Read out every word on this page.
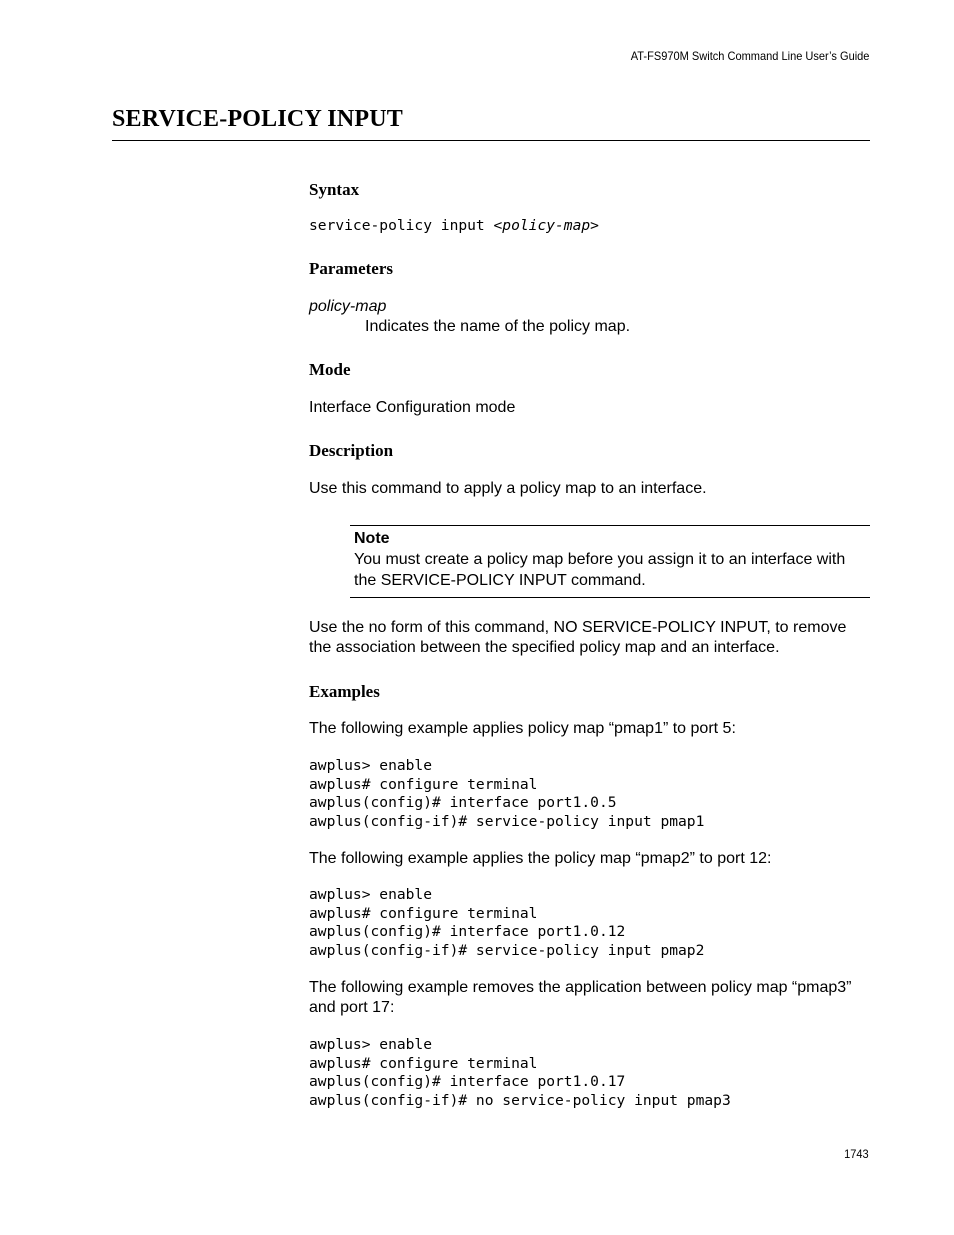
AT-FS970M Switch Command Line User’s Guide
SERVICE-POLICY INPUT
Syntax
service-policy input <policy-map>
Parameters
policy-map
Indicates the name of the policy map.
Mode
Interface Configuration mode
Description
Use this command to apply a policy map to an interface.
Note
You must create a policy map before you assign it to an interface with the SERVICE-POLICY INPUT command.
Use the no form of this command, NO SERVICE-POLICY INPUT, to remove the association between the specified policy map and an interface.
Examples
The following example applies policy map “pmap1” to port 5:
awplus> enable
awplus# configure terminal
awplus(config)# interface port1.0.5
awplus(config-if)# service-policy input pmap1
The following example applies the policy map “pmap2” to port 12:
awplus> enable
awplus# configure terminal
awplus(config)# interface port1.0.12
awplus(config-if)# service-policy input pmap2
The following example removes the application between policy map “pmap3” and port 17:
awplus> enable
awplus# configure terminal
awplus(config)# interface port1.0.17
awplus(config-if)# no service-policy input pmap3
1743
